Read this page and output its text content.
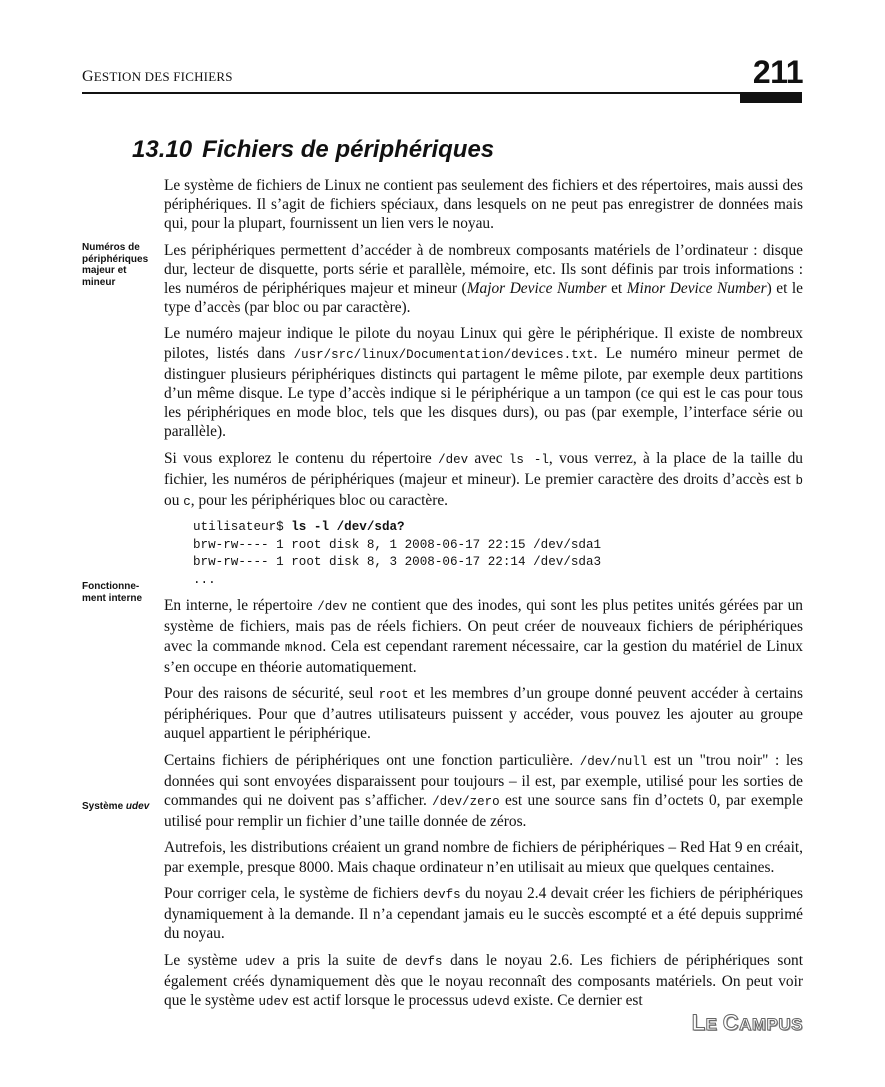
GESTION DES FICHIERS	211
13.10 Fichiers de périphériques
Numéros de périphériques majeur et mineur
Fonctionne-ment interne
Système udev

Le système de fichiers de Linux ne contient pas seulement des fichiers et des répertoires, mais aussi des périphériques. Il s’agit de fichiers spéciaux, dans lesquels on ne peut pas enregistrer de données mais qui, pour la plupart, fournissent un lien vers le noyau.

Les périphériques permettent d’accéder à de nombreux composants matériels de l’ordinateur : disque dur, lecteur de disquette, ports série et parallèle, mémoire, etc. Ils sont définis par trois informations : les numéros de périphériques majeur et mineur (Major Device Number et Minor Device Number) et le type d’accès (par bloc ou par caractère).

Le numéro majeur indique le pilote du noyau Linux qui gère le périphérique. Il existe de nombreux pilotes, listés dans /usr/src/linux/Documentation/devices.txt. Le numéro mineur permet de distinguer plusieurs périphériques distincts qui partagent le même pilote, par exemple deux partitions d’un même disque. Le type d’accès indique si le périphérique a un tampon (ce qui est le cas pour tous les périphériques en mode bloc, tels que les disques durs), ou pas (par exemple, l’interface série ou parallèle).

Si vous explorez le contenu du répertoire /dev avec ls -l, vous verrez, à la place de la taille du fichier, les numéros de périphériques (majeur et mineur). Le premier caractère des droits d’accès est b ou c, pour les périphériques bloc ou caractère.

utilisateur$ ls -l /dev/sda?
brw-rw---- 1 root disk 8, 1 2008-06-17 22:15 /dev/sda1
brw-rw---- 1 root disk 8, 3 2008-06-17 22:14 /dev/sda3
...

En interne, le répertoire /dev ne contient que des inodes, qui sont les plus petites unités gérées par un système de fichiers, mais pas de réels fichiers. On peut créer de nouveaux fichiers de périphériques avec la commande mknod. Cela est cependant rarement nécessaire, car la gestion du matériel de Linux s’en occupe en théorie automatiquement.

Pour des raisons de sécurité, seul root et les membres d’un groupe donné peuvent accéder à certains périphériques. Pour que d’autres utilisateurs puissent y accéder, vous pouvez les ajouter au groupe auquel appartient le périphérique.

Certains fichiers de périphériques ont une fonction particulière. /dev/null est un "trou noir" : les données qui sont envoyées disparaissent pour toujours – il est, par exemple, utilisé pour les sorties de commandes qui ne doivent pas s’afficher. /dev/zero est une source sans fin d’octets 0, par exemple utilisé pour remplir un fichier d’une taille donnée de zéros.

Autrefois, les distributions créaient un grand nombre de fichiers de périphériques – Red Hat 9 en créait, par exemple, presque 8000. Mais chaque ordinateur n’en utilisait au mieux que quelques centaines.

Pour corriger cela, le système de fichiers devfs du noyau 2.4 devait créer les fichiers de périphériques dynamiquement à la demande. Il n’a cependant jamais eu le succès escompté et a été depuis supprimé du noyau.

Le système udev a pris la suite de devfs dans le noyau 2.6. Les fichiers de périphériques sont également créés dynamiquement dès que le noyau reconnaît des composants matériels. On peut voir que le système udev est actif lorsque le processus udevd existe. Ce dernier est

LE CAMPUS
